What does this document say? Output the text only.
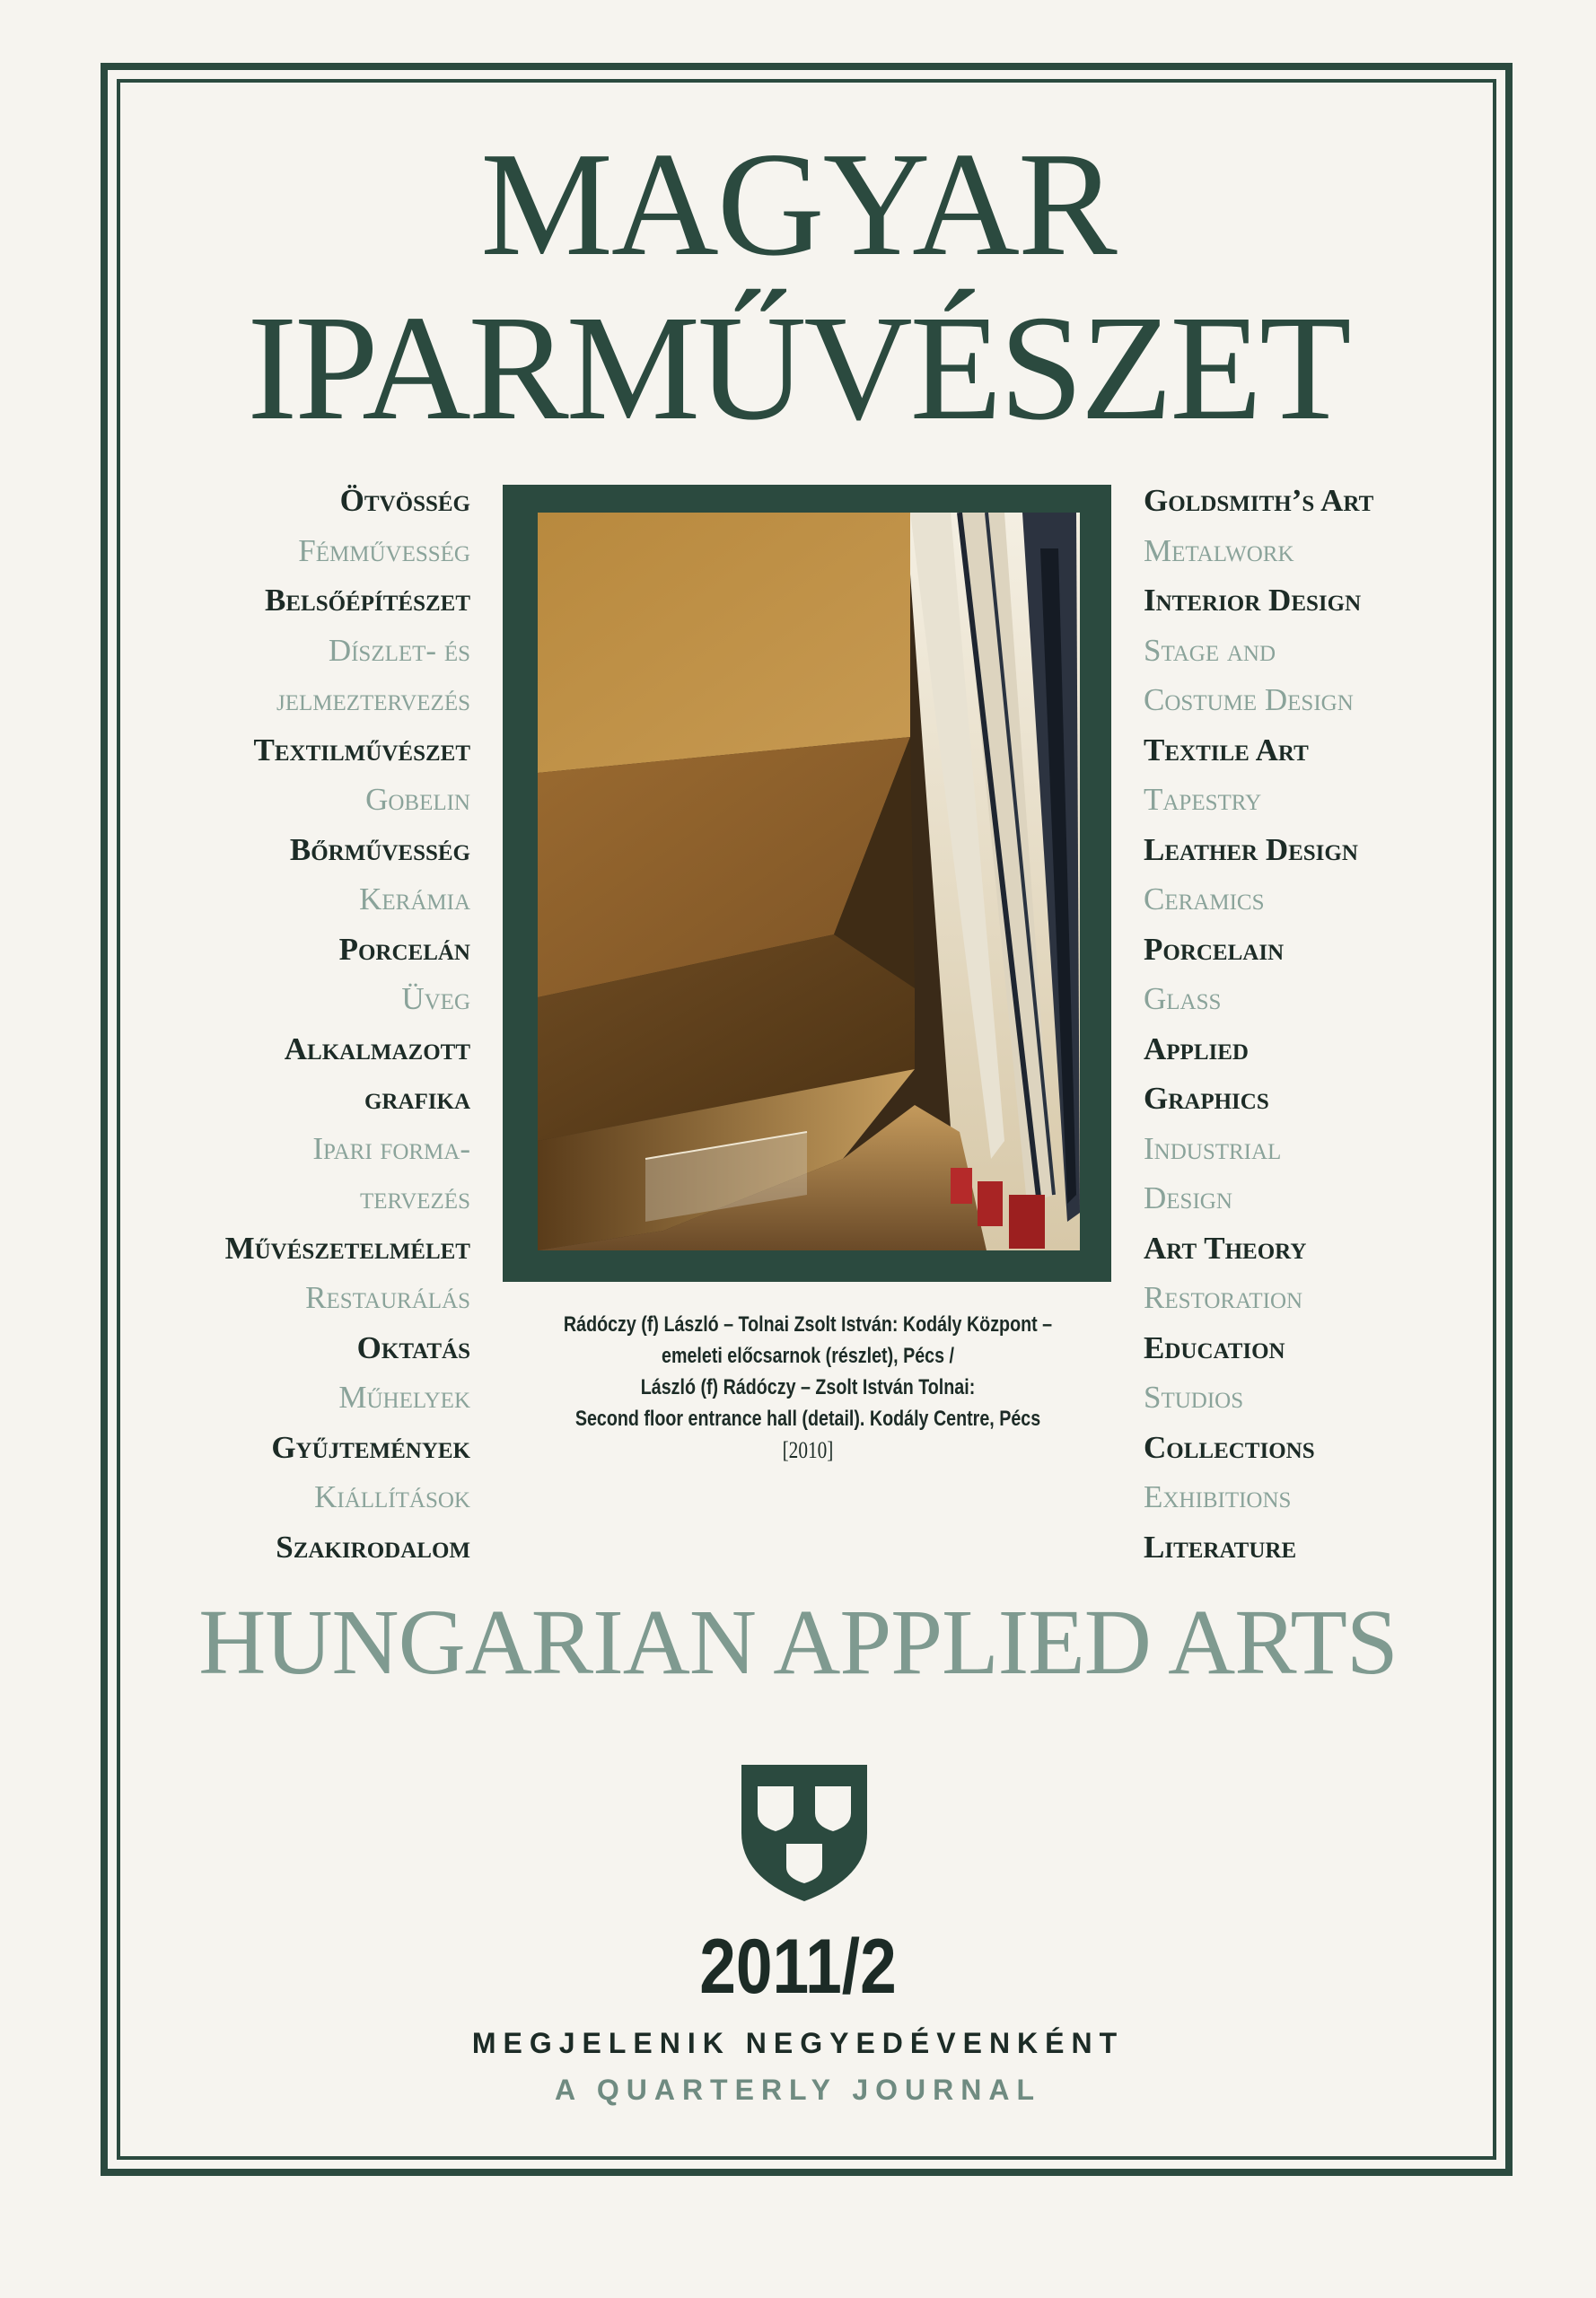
MAGYAR
IPARMŰVÉSZET
Ötvösség
Fémművesség
Belsőépítészet
Díszlet- és
jelmeztervezés
Textilművészet
Gobelin
Bőrművesség
Kerámia
Porcelán
Üveg
Alkalmazott
grafika
Ipari forma-
tervezés
Művészetelmélet
Restaurálás
Oktatás
Műhelyek
Gyűjtemények
Kiállítások
Szakirodalom
Goldsmith’s Art
Metalwork
Interior Design
Stage and
Costume Design
Textile Art
Tapestry
Leather Design
Ceramics
Porcelain
Glass
Applied
Graphics
Industrial
Design
Art Theory
Restoration
Education
Studios
Collections
Exhibitions
Literature
Rádóczy (f) László – Tolnai Zsolt István: Kodály Központ –
emeleti előcsarnok (részlet), Pécs /
László (f) Rádóczy – Zsolt István Tolnai:
Second floor entrance hall (detail). Kodály Centre, Pécs
[2010]
HUNGARIAN APPLIED ARTS
2011/2
MEGJELENIK NEGYEDÉVENKÉNT
A QUARTERLY JOURNAL
